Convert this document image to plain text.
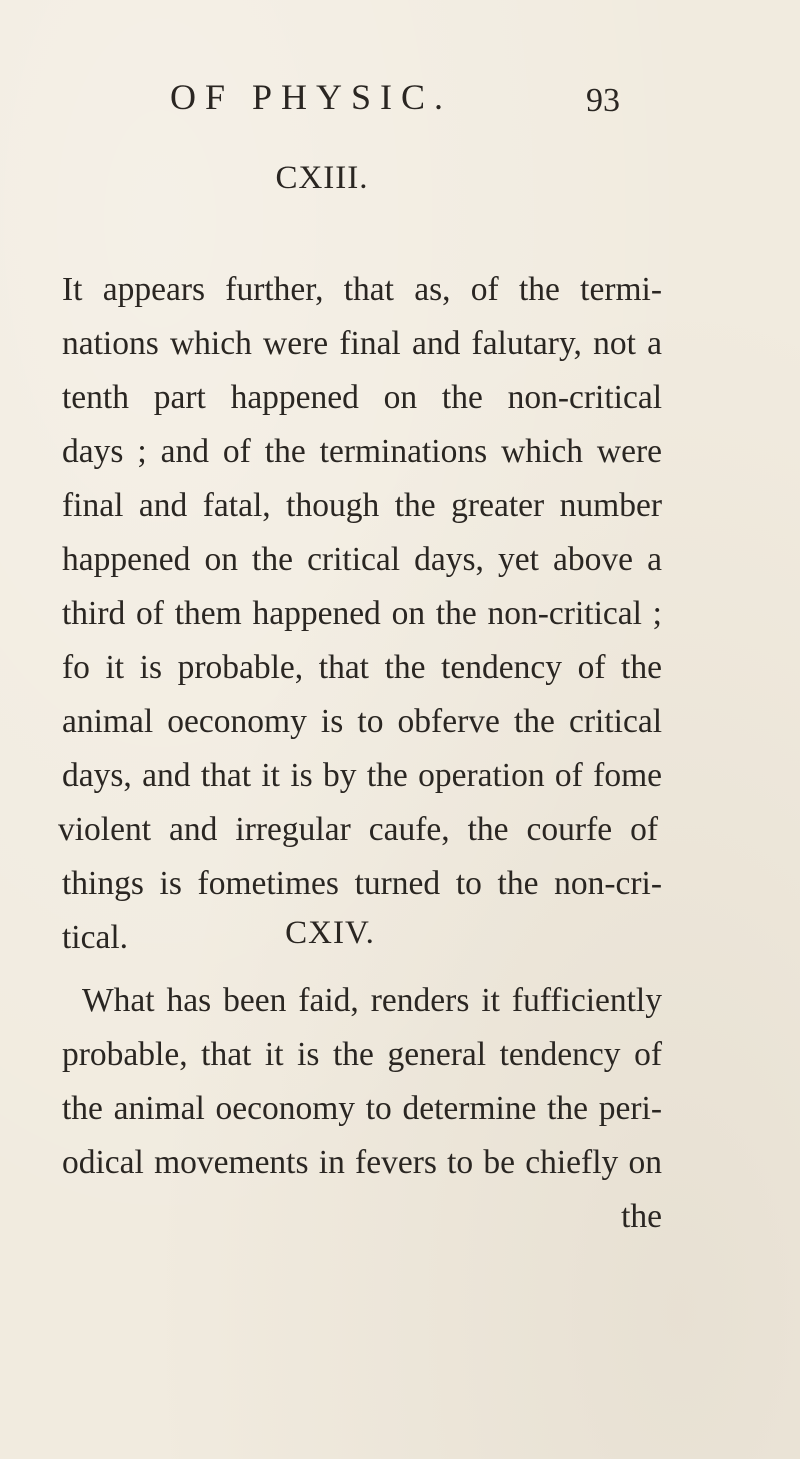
OF PHYSIC.	93
CXIII.
It appears further, that as, of the termi-
nations which were final and falutary, not a
tenth part happened on the non-critical
days ; and of the terminations which were
final and fatal, though the greater number
happened on the critical days, yet above a
third of them happened on the non-critical ;
fo it is probable, that the tendency of the
animal oeconomy is to obferve the critical
days, and that it is by the operation of fome
violent and irregular caufe, the courfe of
things is fometimes turned to the non-cri-
tical.	CXIV.
What has been faid, renders it fufficiently
probable, that it is the general tendency of
the animal oeconomy to determine the peri-
odical movements in fevers to be chiefly on
the
